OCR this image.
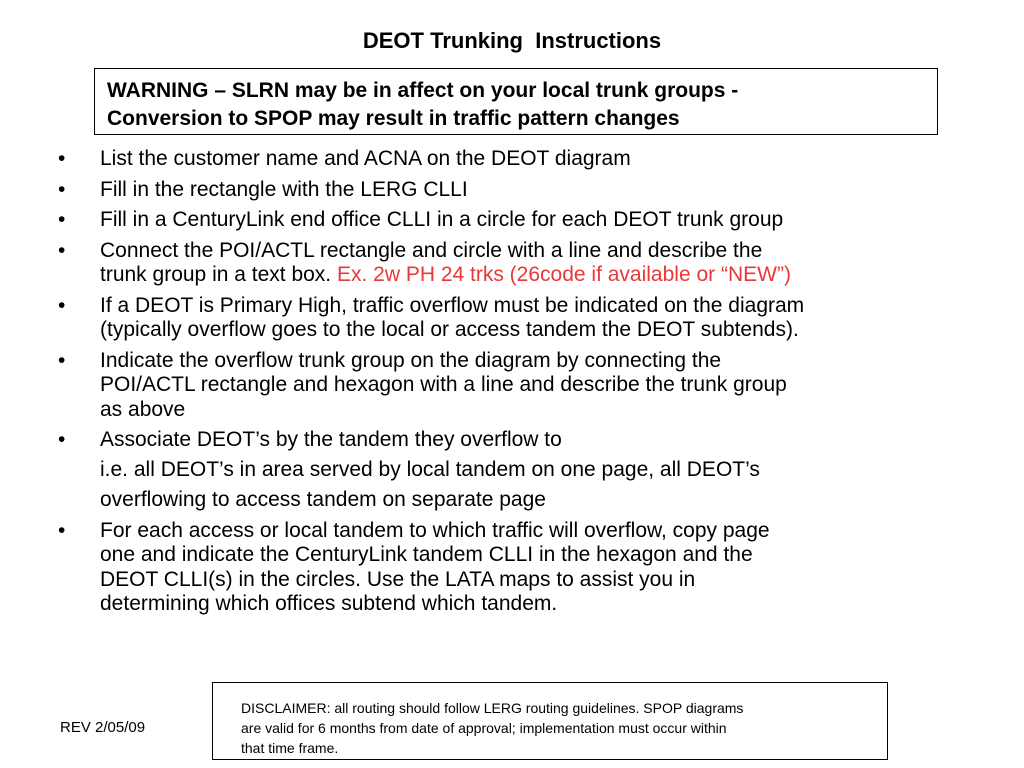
DEOT Trunking  Instructions
WARNING – SLRN may be in affect on your local trunk groups -
Conversion to SPOP may result in traffic pattern changes
• List the customer name and ACNA on the DEOT diagram
• Fill in the rectangle with the LERG CLLI
• Fill in a CenturyLink end office CLLI in a circle for each DEOT trunk group
• Connect the POI/ACTL rectangle and circle with a line and describe the
trunk group in a text box. Ex. 2w PH 24 trks (26code if available or “NEW”)
• If a DEOT is Primary High, traffic overflow must be indicated on the diagram
(typically overflow goes to the local or access tandem the DEOT subtends).
• Indicate the overflow trunk group on the diagram by connecting the
POI/ACTL rectangle and hexagon with a line and describe the trunk group
as above
• Associate DEOT’s by the tandem they overflow to
i.e. all DEOT’s in area served by local tandem on one page, all DEOT’s
overflowing to access tandem on separate page
• For each access or local tandem to which traffic will overflow, copy page
one and indicate the CenturyLink tandem CLLI in the hexagon and the
DEOT CLLI(s) in the circles. Use the LATA maps to assist you in
determining which offices subtend which tandem.
REV 2/05/09
DISCLAIMER: all routing should follow LERG routing guidelines. SPOP diagrams
are valid for 6 months from date of approval; implementation must occur within
that time frame.
